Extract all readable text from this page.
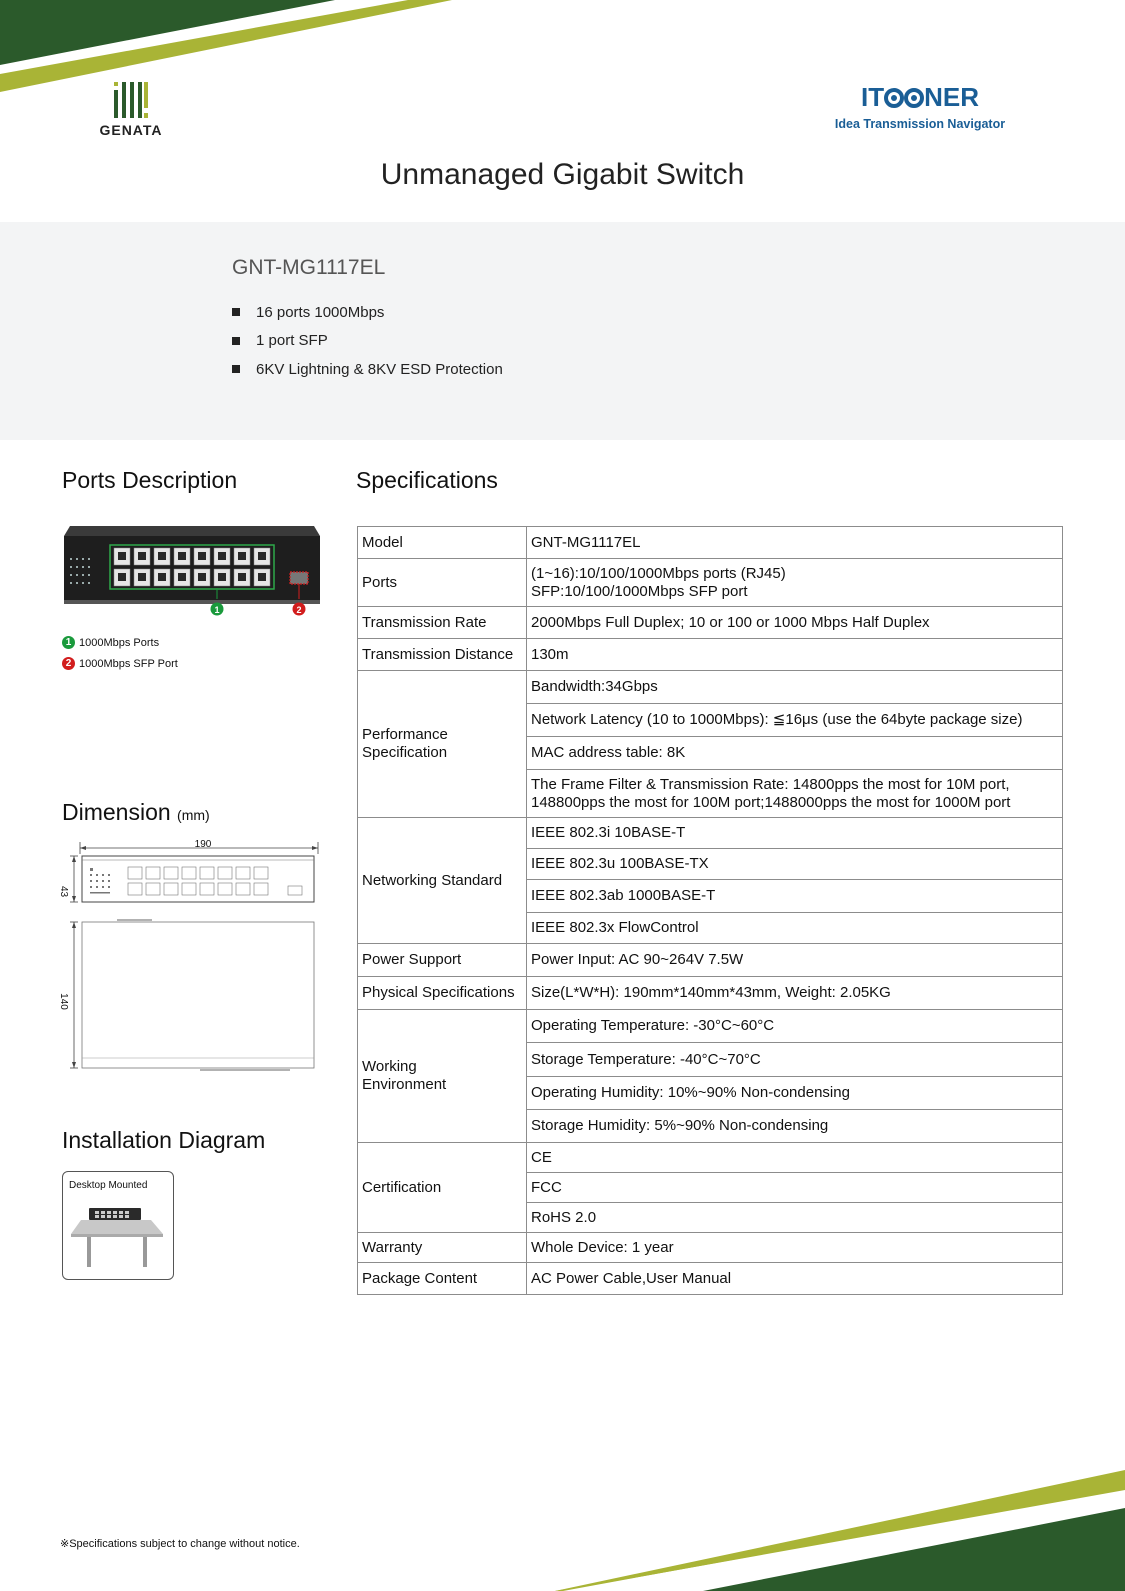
GENATA
IT NER
Idea Transmission Navigator
Unmanaged Gigabit Switch
GNT-MG1117EL
16 ports 1000Mbps
1 port SFP
6KV Lightning & 8KV ESD Protection
Ports Description
1	2
1 1000Mbps Ports
2 1000Mbps SFP Port
Dimension (mm)
190
43
140
Installation Diagram
Desktop Mounted
Specifications
Model	GNT-MG1117EL
Ports	(1~16):10/100/1000Mbps ports (RJ45)
SFP:10/100/1000Mbps SFP port
Transmission Rate	2000Mbps Full Duplex; 10 or 100 or 1000 Mbps Half Duplex
Transmission Distance	130m
Performance
Specification	Bandwidth:34Gbps
	Network Latency (10 to 1000Mbps): ≦16μs (use the 64byte package size)
	MAC address table: 8K
	The Frame Filter & Transmission Rate: 14800pps the most for 10M port,
148800pps the most for 100M port;1488000pps the most for 1000M port
Networking Standard	IEEE 802.3i 10BASE-T
	IEEE 802.3u 100BASE-TX
	IEEE 802.3ab 1000BASE-T
	IEEE 802.3x FlowControl
Power Support	Power Input: AC 90~264V 7.5W
Physical Specifications	Size(L*W*H): 190mm*140mm*43mm, Weight: 2.05KG
Working
Environment	Operating Temperature: -30°C~60°C
	Storage Temperature: -40°C~70°C
	Operating Humidity: 10%~90% Non-condensing
	Storage Humidity: 5%~90% Non-condensing
Certification	CE
	FCC
	RoHS 2.0
Warranty	Whole Device: 1 year
Package Content	AC Power Cable,User Manual
※Specifications subject to change without notice.
